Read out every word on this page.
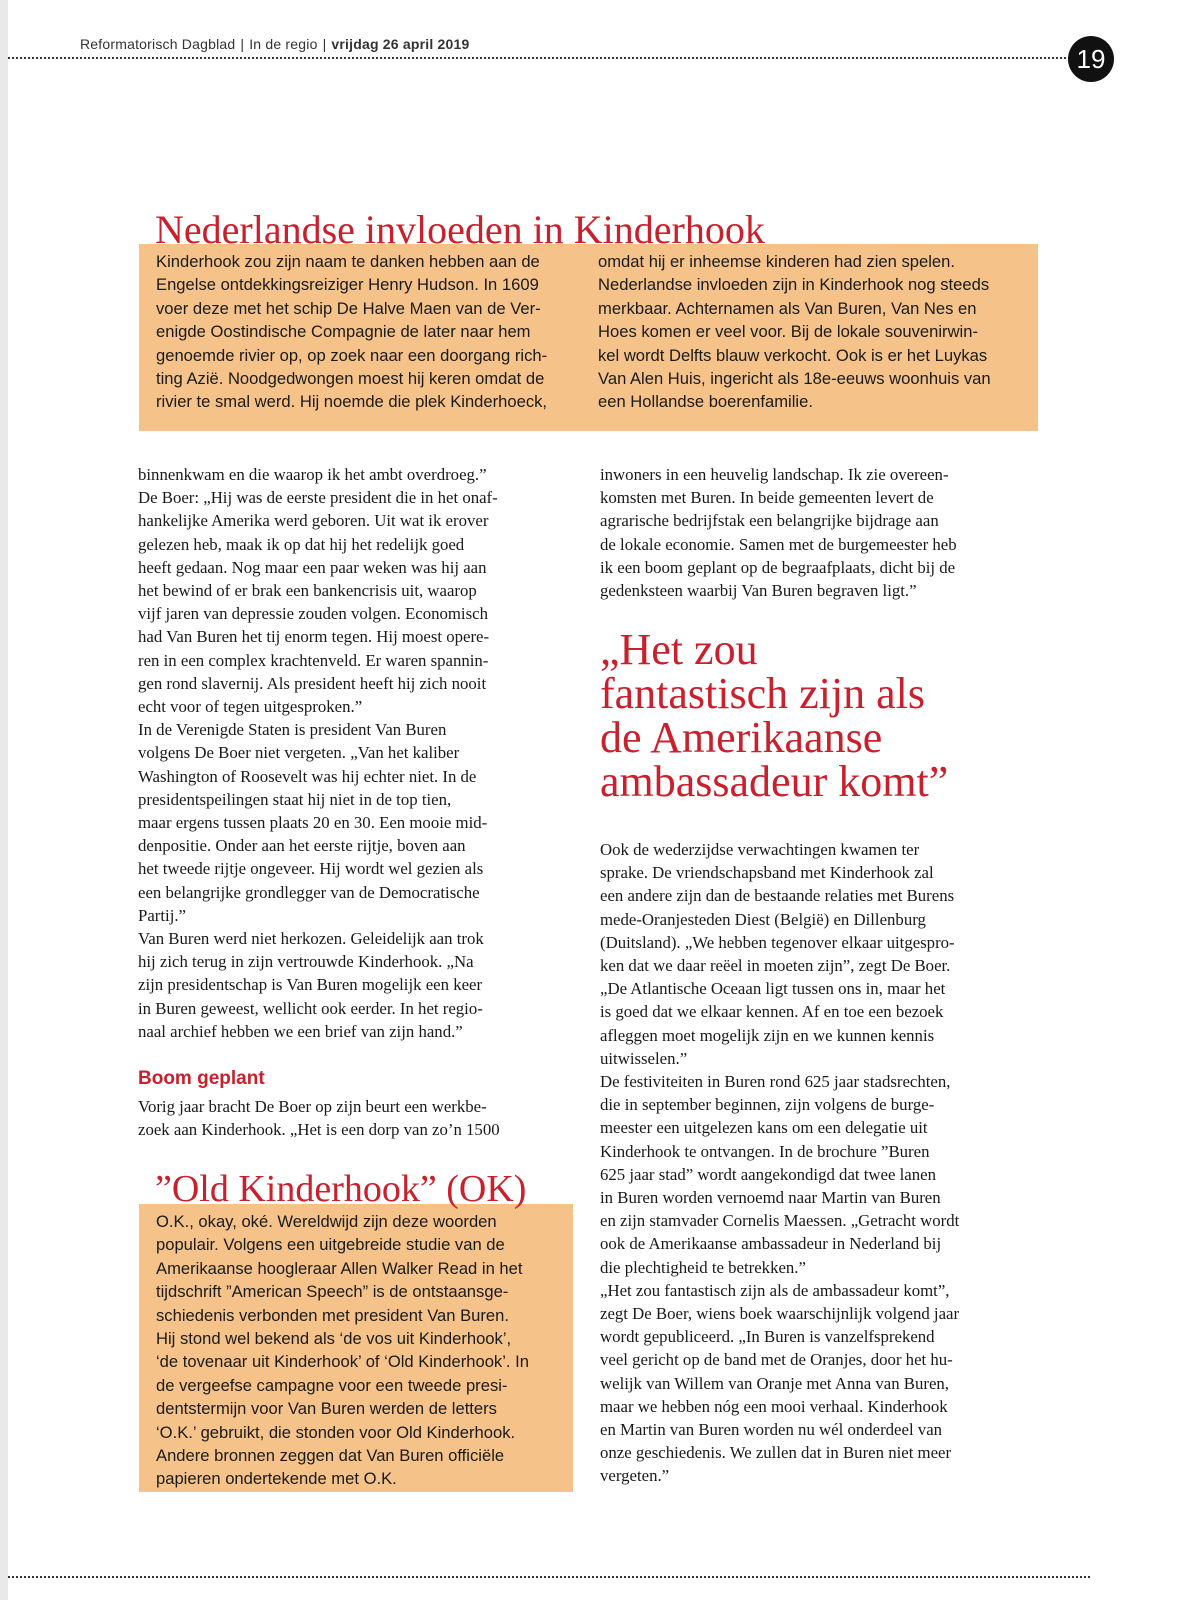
Reformatorisch Dagblad | In de regio | vrijdag 26 april 2019	19
Nederlandse invloeden in Kinderhook
Kinderhook zou zijn naam te danken hebben aan de
Engelse ontdekkingsreiziger Henry Hudson. In 1609
voer deze met het schip De Halve Maen van de Ver-
enigde Oostindische Compagnie de later naar hem
genoemde rivier op, op zoek naar een doorgang rich-
ting Azië. Noodgedwongen moest hij keren omdat de
rivier te smal werd. Hij noemde die plek Kinderhoeck,
omdat hij er inheemse kinderen had zien spelen.
Nederlandse invloeden zijn in Kinderhook nog steeds
merkbaar. Achternamen als Van Buren, Van Nes en
Hoes komen er veel voor. Bij de lokale souvenirwin-
kel wordt Delfts blauw verkocht. Ook is er het Luykas
Van Alen Huis, ingericht als 18e-eeuws woonhuis van
een Hollandse boerenfamilie.
binnenkwam en die waarop ik het ambt overdroeg.”
De Boer: „Hij was de eerste president die in het onaf-
hankelijke Amerika werd geboren. Uit wat ik erover
gelezen heb, maak ik op dat hij het redelijk goed
heeft gedaan. Nog maar een paar weken was hij aan
het bewind of er brak een bankencrisis uit, waarop
vijf jaren van depressie zouden volgen. Economisch
had Van Buren het tij enorm tegen. Hij moest opere-
ren in een complex krachtenveld. Er waren spannin-
gen rond slavernij. Als president heeft hij zich nooit
echt voor of tegen uitgesproken.”
In de Verenigde Staten is president Van Buren
volgens De Boer niet vergeten. „Van het kaliber
Washington of Roosevelt was hij echter niet. In de
presidentspeilingen staat hij niet in de top tien,
maar ergens tussen plaats 20 en 30. Een mooie mid-
denpositie. Onder aan het eerste rijtje, boven aan
het tweede rijtje ongeveer. Hij wordt wel gezien als
een belangrijke grondlegger van de Democratische
Partij.”
Van Buren werd niet herkozen. Geleidelijk aan trok
hij zich terug in zijn vertrouwde Kinderhook. „Na
zijn presidentschap is Van Buren mogelijk een keer
in Buren geweest, wellicht ook eerder. In het regio-
naal archief hebben we een brief van zijn hand.”
Boom geplant
Vorig jaar bracht De Boer op zijn beurt een werkbe-
zoek aan Kinderhook. „Het is een dorp van zo’n 1500
inwoners in een heuvelig landschap. Ik zie overeen-
komsten met Buren. In beide gemeenten levert de
agrarische bedrijfstak een belangrijke bijdrage aan
de lokale economie. Samen met de burgemeester heb
ik een boom geplant op de begraafplaats, dicht bij de
gedenksteen waarbij Van Buren begraven ligt.”
„Het zou
fantastisch zijn als
de Amerikaanse
ambassadeur komt”
Ook de wederzijdse verwachtingen kwamen ter
sprake. De vriendschapsband met Kinderhook zal
een andere zijn dan de bestaande relaties met Burens
mede-Oranjesteden Diest (België) en Dillenburg
(Duitsland). „We hebben tegenover elkaar uitgespro-
ken dat we daar reëel in moeten zijn”, zegt De Boer.
„De Atlantische Oceaan ligt tussen ons in, maar het
is goed dat we elkaar kennen. Af en toe een bezoek
afleggen moet mogelijk zijn en we kunnen kennis
uitwisselen.”
De festiviteiten in Buren rond 625 jaar stadsrechten,
die in september beginnen, zijn volgens de burge-
meester een uitgelezen kans om een delegatie uit
Kinderhook te ontvangen. In de brochure ”Buren
625 jaar stad” wordt aangekondigd dat twee lanen
in Buren worden vernoemd naar Martin van Buren
en zijn stamvader Cornelis Maessen. „Getracht wordt
ook de Amerikaanse ambassadeur in Nederland bij
die plechtigheid te betrekken.”
„Het zou fantastisch zijn als de ambassadeur komt”,
zegt De Boer, wiens boek waarschijnlijk volgend jaar
wordt gepubliceerd. „In Buren is vanzelfsprekend
veel gericht op de band met de Oranjes, door het hu-
welijk van Willem van Oranje met Anna van Buren,
maar we hebben nóg een mooi verhaal. Kinderhook
en Martin van Buren worden nu wél onderdeel van
onze geschiedenis. We zullen dat in Buren niet meer
vergeten.”
”Old Kinderhook” (OK)
O.K., okay, oké. Wereldwijd zijn deze woorden
populair. Volgens een uitgebreide studie van de
Amerikaanse hoogleraar Allen Walker Read in het
tijdschrift ”American Speech” is de ontstaansge-
schiedenis verbonden met president Van Buren.
Hij stond wel bekend als ‘de vos uit Kinderhook’,
‘de tovenaar uit Kinderhook’ of ‘Old Kinderhook’. In
de vergeefse campagne voor een tweede presi-
dentstermijn voor Van Buren werden de letters
‘O.K.’ gebruikt, die stonden voor Old Kinderhook.
Andere bronnen zeggen dat Van Buren officiële
papieren ondertekende met O.K.
